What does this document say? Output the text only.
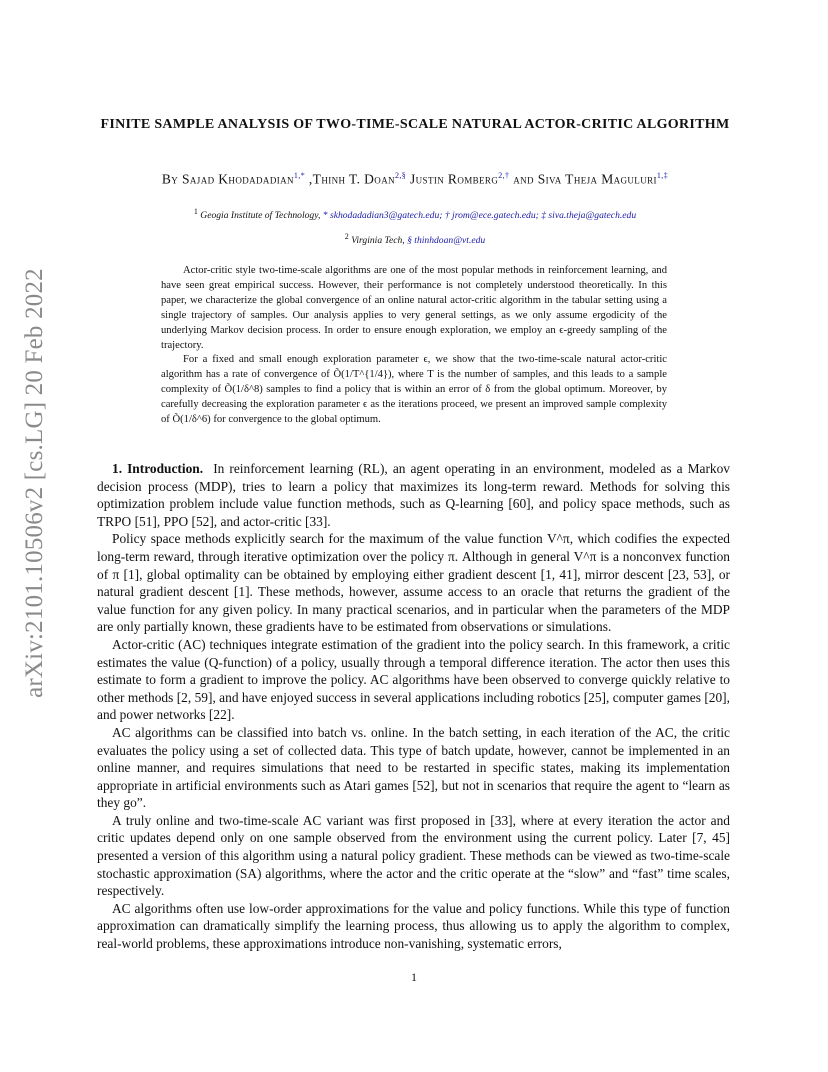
arXiv:2101.10506v2 [cs.LG] 20 Feb 2022
FINITE SAMPLE ANALYSIS OF TWO-TIME-SCALE NATURAL ACTOR-CRITIC ALGORITHM
By Sajad Khodadadian$^{1,*}$ ,Thinh T. Doan$^{2,\S}$ Justin Romberg$^{2,\dagger}$ and Siva Theja Maguluri$^{1,\ddagger}$
$^1$ Geogia Institute of Technology, * skhodadadian3@gatech.edu; † jrom@ece.gatech.edu; ‡ siva.theja@gatech.edu
$^2$ Virginia Tech, § thinhdoan@vt.edu

Actor-critic style two-time-scale algorithms are one of the most popular methods in reinforcement learning, and have seen great empirical success. However, their performance is not completely understood theoretically. In this paper, we characterize the global convergence of an online natural actor-critic algorithm in the tabular setting using a single trajectory of samples. Our analysis applies to very general settings, as we only assume ergodicity of the underlying Markov decision process. In order to ensure enough exploration, we employ an ϵ-greedy sampling of the trajectory.

For a fixed and small enough exploration parameter ϵ, we show that the two-time-scale natural actor-critic algorithm has a rate of convergence of Õ(1/T^{1/4}), where T is the number of samples, and this leads to a sample complexity of Õ(1/δ^8) samples to find a policy that is within an error of δ from the global optimum. Moreover, by carefully decreasing the exploration parameter ϵ as the iterations proceed, we present an improved sample complexity of Õ(1/δ^6) for convergence to the global optimum.

1. Introduction. In reinforcement learning (RL), an agent operating in an environment, modeled as a Markov decision process (MDP), tries to learn a policy that maximizes its long-term reward. Methods for solving this optimization problem include value function methods, such as Q-learning [60], and policy space methods, such as TRPO [51], PPO [52], and actor-critic [33].

Policy space methods explicitly search for the maximum of the value function V^π, which codifies the expected long-term reward, through iterative optimization over the policy π. Although in general V^π is a nonconvex function of π [1], global optimality can be obtained by employing either gradient descent [1, 41], mirror descent [23, 53], or natural gradient descent [1]. These methods, however, assume access to an oracle that returns the gradient of the value function for any given policy. In many practical scenarios, and in particular when the parameters of the MDP are only partially known, these gradients have to be estimated from observations or simulations.

Actor-critic (AC) techniques integrate estimation of the gradient into the policy search. In this framework, a critic estimates the value (Q-function) of a policy, usually through a temporal difference iteration. The actor then uses this estimate to form a gradient to improve the policy. AC algorithms have been observed to converge quickly relative to other methods [2, 59], and have enjoyed success in several applications including robotics [25], computer games [20], and power networks [22].

AC algorithms can be classified into batch vs. online. In the batch setting, in each iteration of the AC, the critic evaluates the policy using a set of collected data. This type of batch update, however, cannot be implemented in an online manner, and requires simulations that need to be restarted in specific states, making its implementation appropriate in artificial environments such as Atari games [52], but not in scenarios that require the agent to “learn as they go”.

A truly online and two-time-scale AC variant was first proposed in [33], where at every iteration the actor and critic updates depend only on one sample observed from the environment using the current policy. Later [7, 45] presented a version of this algorithm using a natural policy gradient. These methods can be viewed as two-time-scale stochastic approximation (SA) algorithms, where the actor and the critic operate at the “slow” and “fast” time scales, respectively.

AC algorithms often use low-order approximations for the value and policy functions. While this type of function approximation can dramatically simplify the learning process, thus allowing us to apply the algorithm to complex, real-world problems, these approximations introduce non-vanishing, systematic errors,

1
